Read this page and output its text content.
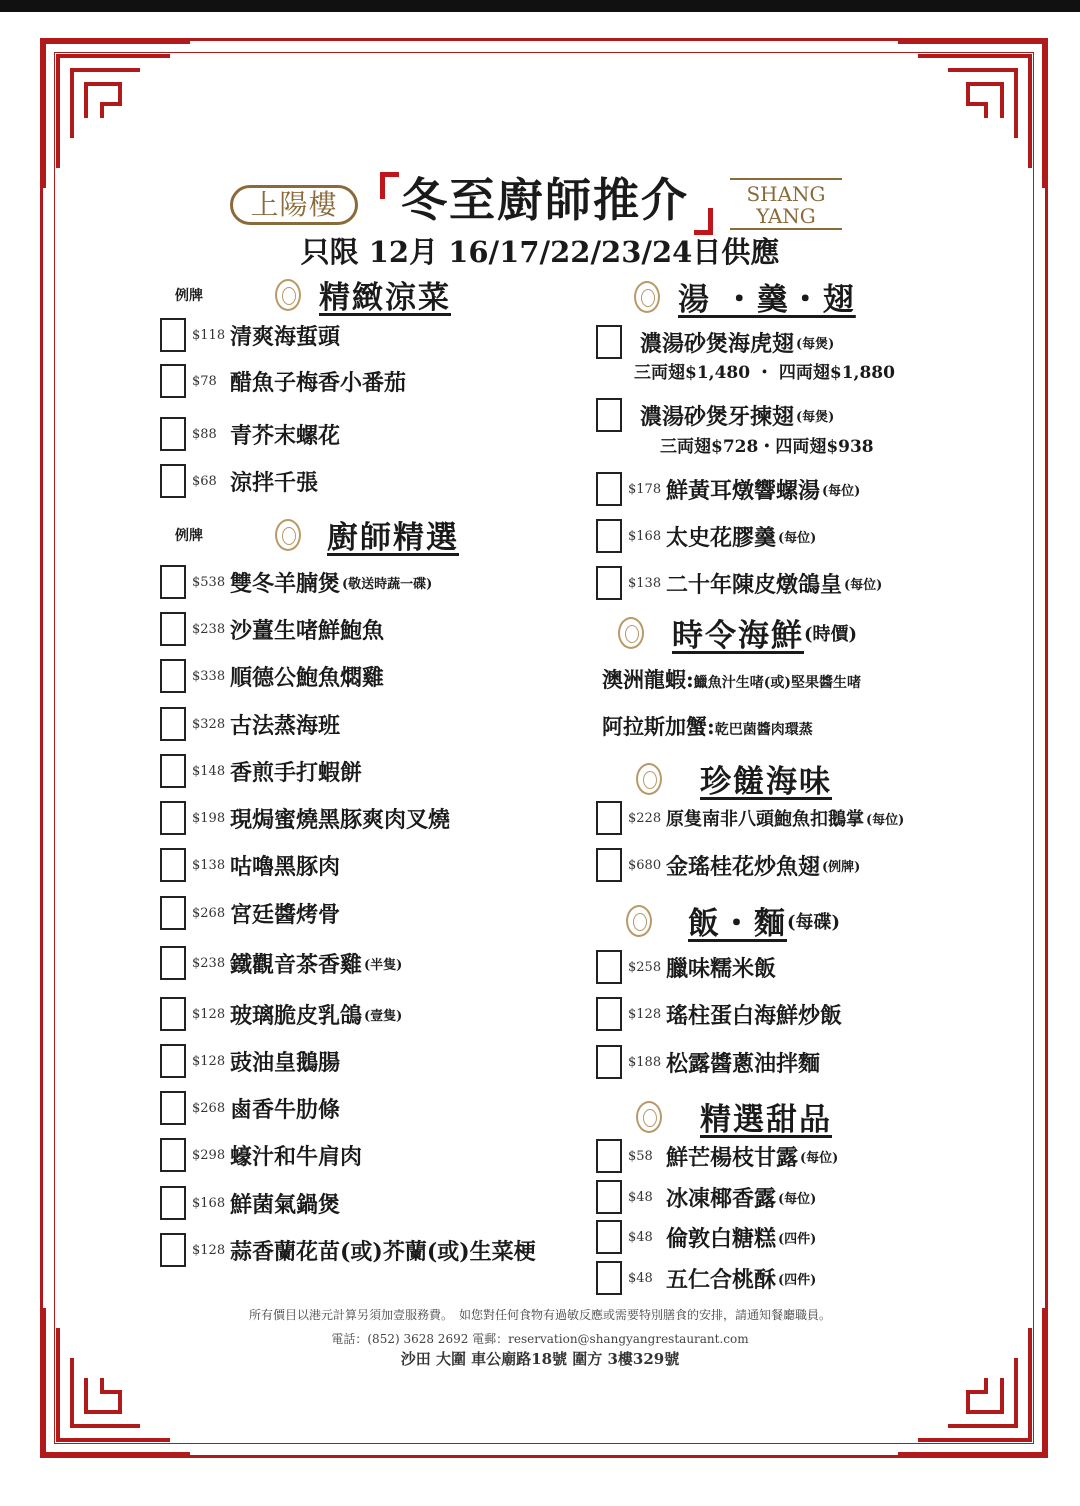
上陽樓	SHANG
YANG
冬至廚師推介
只限 12月 16/17/22/23/24日供應
例牌	精緻涼菜
$118 清爽海蜇頭
$78 醋魚子梅香小番茄
$88 青芥末螺花
$68 涼拌千張
例牌	廚師精選
$538 雙冬羊腩煲 (敬送時蔬一碟)
$238 沙薑生啫鮮鮑魚
$338 順德公鮑魚燜雞
$328 古法蒸海班
$148 香煎手打蝦餅
$198 現焗蜜燒黑豚爽肉叉燒
$138 咕嚕黑豚肉
$268 宮廷醬烤骨
$238 鐵觀音茶香雞 (半隻)
$128 玻璃脆皮乳鴿 (壹隻)
$128 豉油皇鵝腸
$268 鹵香牛肋條
$298 蠔汁和牛肩肉
$168 鮮菌氣鍋煲
$128 蒜香蘭花苗(或)芥蘭(或)生菜梗
湯 ・羹・翅
濃湯砂煲海虎翅 (每煲)
三両翅$1,480 ・ 四両翅$1,880
濃湯砂煲牙揀翅 (每煲)
三両翅$728・四両翅$938
$178 鮮黃耳燉響螺湯 (每位)
$168 太史花膠羹 (每位)
$138 二十年陳皮燉鴿皇 (每位)
時令海鮮 (時價)
澳洲龍蝦:鱲魚汁生啫(或)堅果醬生啫
阿拉斯加蟹:乾巴菌醬肉環蒸
珍饈海味
$228 原隻南非八頭鮑魚扣鵝掌 (每位)
$680 金瑤桂花炒魚翅 (例牌)
飯・麵 (每碟)
$258 臘味糯米飯
$128 瑤柱蛋白海鮮炒飯
$188 松露醬蔥油拌麵
精選甜品
$58 鮮芒楊枝甘露 (每位)
$48 冰凍椰香露 (每位)
$48 倫敦白糖糕 (四件)
$48 五仁合桃酥 (四件)
所有價目以港元計算另須加壹服務費。　如您對任何食物有過敏反應或需要特別膳食的安排，請通知餐廳職員。
電話：(852) 3628 2692 電郵：reservation@shangyangrestaurant.com
沙田 大圍 車公廟路18號 圍方 3樓329號
